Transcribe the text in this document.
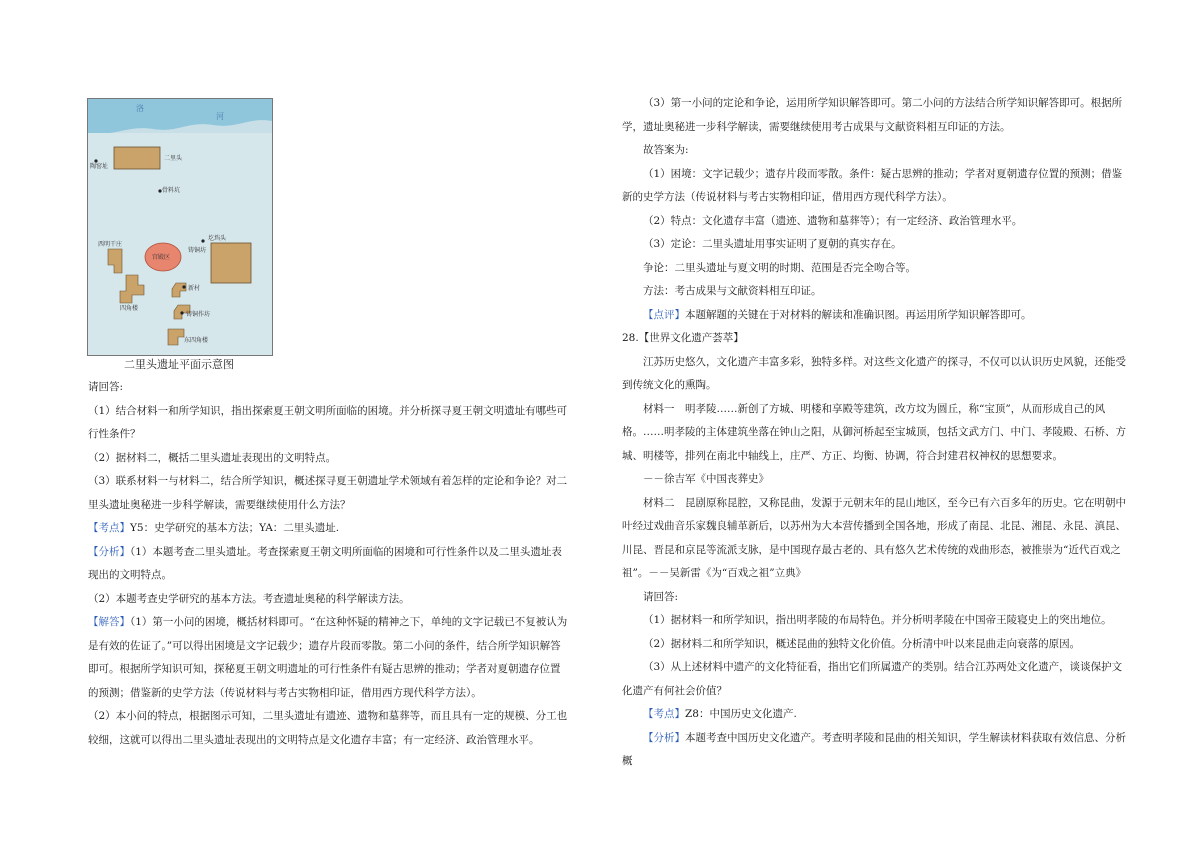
洛
河
陶窑址
二里头
骨料坑
西明干庄
宫殿区
铸铜坊
圪垱头
新村
四角楼
铸铜作坊
东四角楼
二里头遗址平面示意图

请回答:

（1）结合材料一和所学知识，指出探索夏王朝文明所面临的困境。并分析探寻夏王朝文明遗址有哪些可行性条件？

（2）据材料二，概括二里头遗址表现出的文明特点。

（3）联系材料一与材料二，结合所学知识，概述探寻夏王朝遗址学术领域有着怎样的定论和争论？对二里头遗址奥秘进一步科学解读，需要继续使用什么方法？

【考点】Y5：史学研究的基本方法；YA：二里头遗址.

【分析】（1）本题考查二里头遗址。考查探索夏王朝文明所面临的困境和可行性条件以及二里头遗址表现出的文明特点。

（2）本题考查史学研究的基本方法。考查遗址奥秘的科学解读方法。

【解答】（1）第一小问的困境，概括材料即可。“在这种怀疑的精神之下，单纯的文字记载已不复被认为是有效的佐证了。”可以得出困境是文字记载少；遗存片段而零散。第二小问的条件，结合所学知识解答即可。根据所学知识可知，探秘夏王朝文明遗址的可行性条件有疑古思辨的推动；学者对夏朝遗存位置的预测；借鉴新的史学方法（传说材料与考古实物相印证，借用西方现代科学方法）。

（2）本小问的特点，根据图示可知，二里头遗址有遗迹、遗物和墓葬等，而且具有一定的规模、分工也较细，这就可以得出二里头遗址表现出的文明特点是文化遗存丰富；有一定经济、政治管理水平。

（3）第一小问的定论和争论，运用所学知识解答即可。第二小问的方法结合所学知识解答即可。根据所学，遗址奥秘进一步科学解读，需要继续使用考古成果与文献资料相互印证的方法。

故答案为:

（1）困境：文字记载少；遗存片段而零散。条件：疑古思辨的推动；学者对夏朝遗存位置的预测；借鉴新的史学方法（传说材料与考古实物相印证，借用西方现代科学方法）。

（2）特点：文化遗存丰富（遗迹、遗物和墓葬等）；有一定经济、政治管理水平。

（3）定论：二里头遗址用事实证明了夏朝的真实存在。

争论：二里头遗址与夏文明的时期、范围是否完全吻合等。

方法：考古成果与文献资料相互印证。

【点评】本题解题的关键在于对材料的解读和准确识图。再运用所学知识解答即可。

28.【世界文化遗产荟萃】

江苏历史悠久，文化遗产丰富多彩，独特多样。对这些文化遗产的探寻，不仅可以认识历史风貌，还能受到传统文化的熏陶。

材料一　明孝陵……新创了方城、明楼和享殿等建筑，改方坟为圆丘，称“宝顶”，从而形成自己的风格。……明孝陵的主体建筑坐落在钟山之阳，从御河桥起至宝城顶，包括文武方门、中门、孝陵殿、石桥、方城、明楼等，排列在南北中轴线上，庄严、方正、均衡、协调，符合封建君权神权的思想要求。

－－徐吉军《中国丧葬史》

材料二　昆剧原称昆腔，又称昆曲，发源于元朝末年的昆山地区，至今已有六百多年的历史。它在明朝中叶经过戏曲音乐家魏良辅革新后，以苏州为大本营传播到全国各地，形成了南昆、北昆、湘昆、永昆、滇昆、川昆、晋昆和京昆等流派支脉，是中国现存最古老的、具有悠久艺术传统的戏曲形态，被推崇为“近代百戏之祖”。－－吴新雷《为“百戏之祖”立典》

请回答:

（1）据材料一和所学知识，指出明孝陵的布局特色。并分析明孝陵在中国帝王陵寝史上的突出地位。

（2）据材料二和所学知识，概述昆曲的独特文化价值。分析清中叶以来昆曲走向衰落的原因。

（3）从上述材料中遗产的文化特征看，指出它们所属遗产的类别。结合江苏两处文化遗产，谈谈保护文化遗产有何社会价值？

【考点】Z8：中国历史文化遗产.

【分析】本题考查中国历史文化遗产。考查明孝陵和昆曲的相关知识，学生解读材料获取有效信息、分析概
